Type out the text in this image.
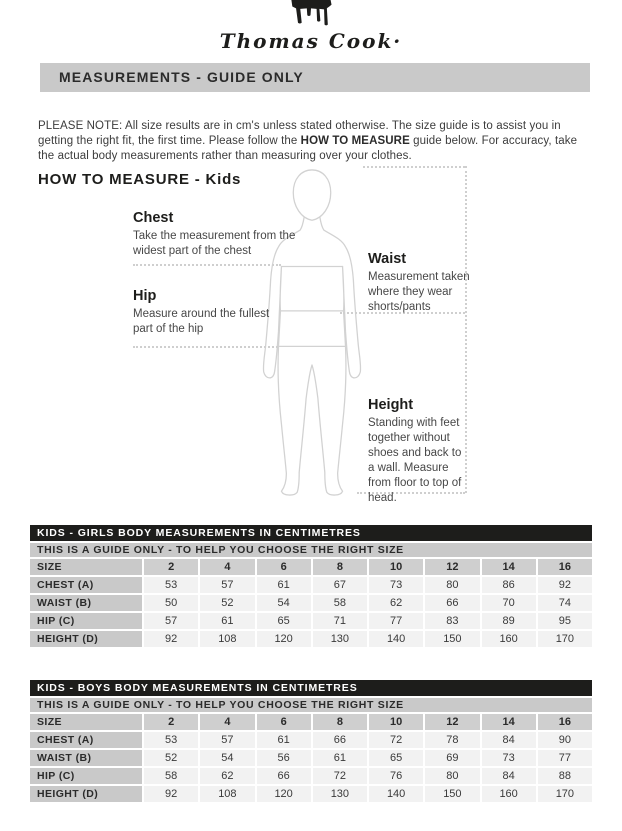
Thomas Cook·
MEASUREMENTS - GUIDE ONLY

PLEASE NOTE: All size results are in cm's unless stated otherwise. The size guide is to assist you in getting the right fit, the first time. Please follow the HOW TO MEASURE guide below. For accuracy, take the actual body measurements rather than measuring over your clothes.

HOW TO MEASURE - Kids
Chest
Take the measurement from the widest part of the chest
Hip
Measure around the fullest part of the hip
Waist
Measurement taken where they wear shorts/pants
Height
Standing with feet together without shoes and back to a wall. Measure from floor to top of head.
KIDS - GIRLS BODY MEASUREMENTS IN CENTIMETRES								
THIS IS A GUIDE ONLY - TO HELP YOU CHOOSE THE RIGHT SIZE								
SIZE	2	4	6	8	10	12	14	16
CHEST (A)	53	57	61	67	73	80	86	92
WAIST (B)	50	52	54	58	62	66	70	74
HIP (C)	57	61	65	71	77	83	89	95
HEIGHT (D)	92	108	120	130	140	150	160	170
KIDS - BOYS BODY MEASUREMENTS IN CENTIMETRES								
THIS IS A GUIDE ONLY - TO HELP YOU CHOOSE THE RIGHT SIZE								
SIZE	2	4	6	8	10	12	14	16
CHEST (A)	53	57	61	66	72	78	84	90
WAIST (B)	52	54	56	61	65	69	73	77
HIP (C)	58	62	66	72	76	80	84	88
HEIGHT (D)	92	108	120	130	140	150	160	170
